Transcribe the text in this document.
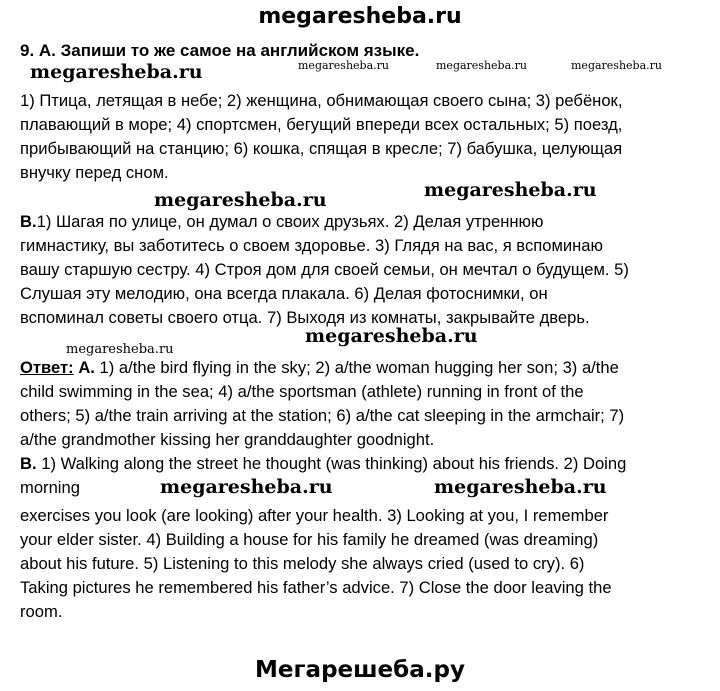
megaresheba.ru
9. А. Запиши то же самое на английском языке.
megaresheba.ru	megaresheba.ru	megaresheba.ru	megaresheba.ru
1) Птица, летящая в небе; 2) женщина, обнимающая своего сына; 3) ребёнок,
плавающий в море; 4) спортсмен, бегущий впереди всех остальных; 5) поезд,
прибывающий на станцию; 6) кошка, спящая в кресле; 7) бабушка, целующая
внучку перед сном.
megaresheba.ru	megaresheba.ru
В.1) Шагая по улице, он думал о своих друзьях. 2) Делая утреннюю
гимнастику, вы заботитесь о своем здоровье. 3) Глядя на вас, я вспоминаю
вашу старшую сестру. 4) Строя дом для своей семьи, он мечтал о будущем. 5)
Слушая эту мелодию, она всегда плакала. 6) Делая фотоснимки, он
вспоминал советы своего отца. 7) Выходя из комнаты, закрывайте дверь.
megaresheba.ru
megaresheba.ru
Ответ: А. 1) a/the bird flying in the sky; 2) a/the woman hugging her son; 3) a/the
child swimming in the sea; 4) a/the sportsman (athlete) running in front of the
others; 5) a/the train arriving at the station; 6) a/the cat sleeping in the armchair; 7)
a/the grandmother kissing her granddaughter goodnight.
B. 1) Walking along the street he thought (was thinking) about his friends. 2) Doing
morning
exercises you look (are looking) after your health. 3) Looking at you, I remember
your elder sister. 4) Building a house for his family he dreamed (was dreaming)
about his future. 5) Listening to this melody she always cried (used to cry). 6)
Taking pictures he remembered his father’s advice. 7) Close the door leaving the
room.
megaresheba.ru	megaresheba.ru
Мегарешеба.ру
